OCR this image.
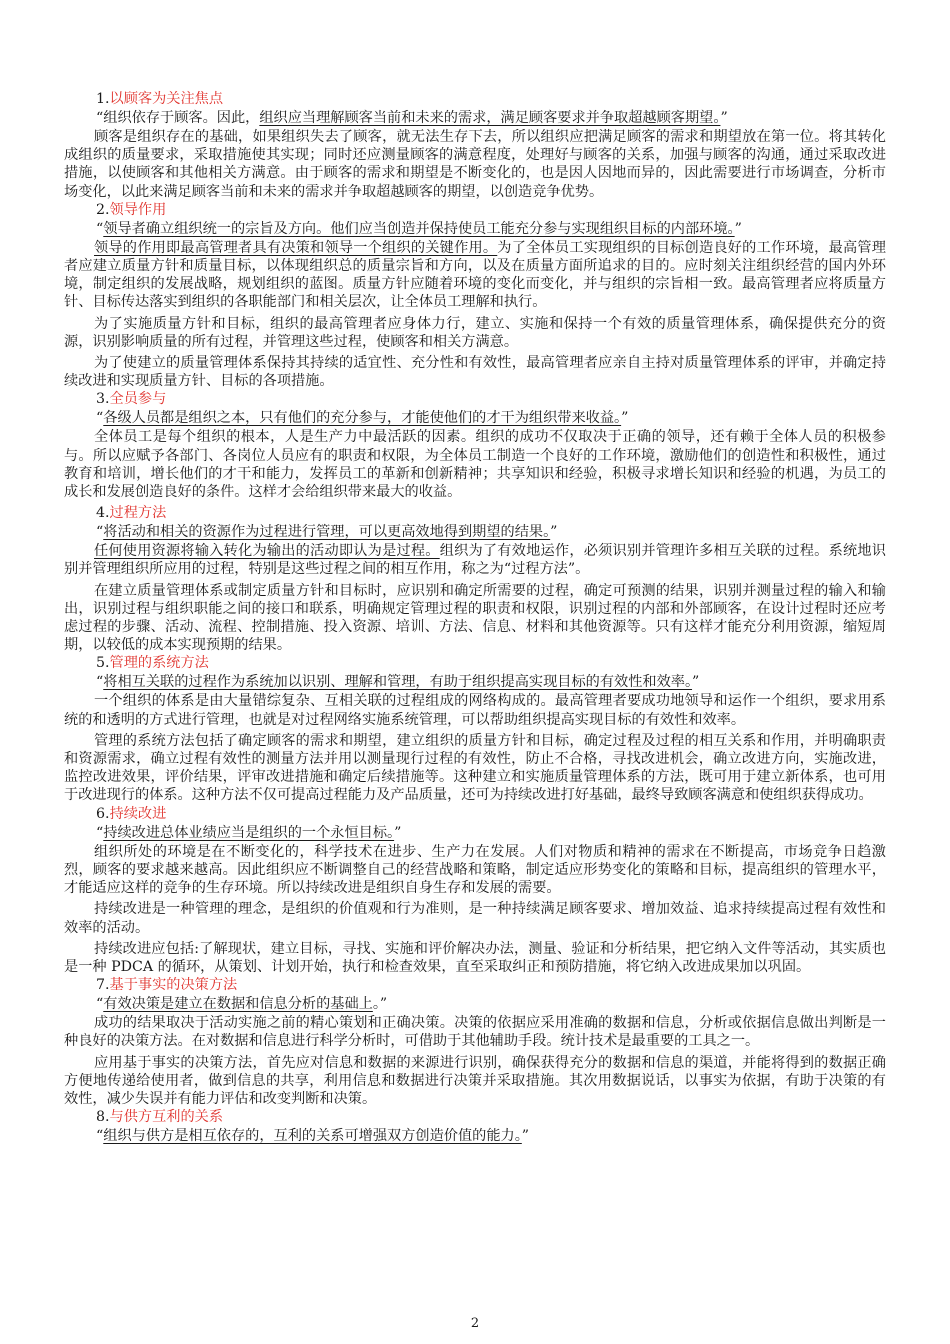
1.以顾客为关注焦点

“组织依存于顾客。因此，组织应当理解顾客当前和未来的需求，满足顾客要求并争取超越顾客期望。”

顾客是组织存在的基础，如果组织失去了顾客，就无法生存下去，所以组织应把满足顾客的需求和期望放在第一位。将其转化成组织的质量要求，采取措施使其实现；同时还应测量顾客的满意程度，处理好与顾客的关系，加强与顾客的沟通，通过采取改进措施，以使顾客和其他相关方满意。由于顾客的需求和期望是不断变化的，也是因人因地而异的，因此需要进行市场调查，分析市场变化，以此来满足顾客当前和未来的需求并争取超越顾客的期望，以创造竞争优势。

2.领导作用

“领导者确立组织统一的宗旨及方向。他们应当创造并保持使员工能充分参与实现组织目标的内部环境。”

领导的作用即最高管理者具有决策和领导一个组织的关键作用。为了全体员工实现组织的目标创造良好的工作环境，最高管理者应建立质量方针和质量目标，以体现组织总的质量宗旨和方向，以及在质量方面所追求的目的。应时刻关注组织经营的国内外环境，制定组织的发展战略，规划组织的蓝图。质量方针应随着环境的变化而变化，并与组织的宗旨相一致。最高管理者应将质量方针、目标传达落实到组织的各职能部门和相关层次，让全体员工理解和执行。

为了实施质量方针和目标，组织的最高管理者应身体力行，建立、实施和保持一个有效的质量管理体系，确保提供充分的资源，识别影响质量的所有过程，并管理这些过程，使顾客和相关方满意。

为了使建立的质量管理体系保持其持续的适宜性、充分性和有效性，最高管理者应亲自主持对质量管理体系的评审，并确定持续改进和实现质量方针、目标的各项措施。

3.全员参与

“各级人员都是组织之本，只有他们的充分参与，才能使他们的才干为组织带来收益。”

全体员工是每个组织的根本，人是生产力中最活跃的因素。组织的成功不仅取决于正确的领导，还有赖于全体人员的积极参与。所以应赋予各部门、各岗位人员应有的职责和权限，为全体员工制造一个良好的工作环境，激励他们的创造性和积极性，通过教育和培训，增长他们的才干和能力，发挥员工的革新和创新精神；共享知识和经验，积极寻求增长知识和经验的机遇，为员工的成长和发展创造良好的条件。这样才会给组织带来最大的收益。

4.过程方法

“将活动和相关的资源作为过程进行管理，可以更高效地得到期望的结果。”

任何使用资源将输入转化为输出的活动即认为是过程。组织为了有效地运作，必须识别并管理许多相互关联的过程。系统地识别并管理组织所应用的过程，特别是这些过程之间的相互作用，称之为“过程方法”。

在建立质量管理体系或制定质量方针和目标时，应识别和确定所需要的过程，确定可预测的结果，识别并测量过程的输入和输出，识别过程与组织职能之间的接口和联系，明确规定管理过程的职责和权限，识别过程的内部和外部顾客，在设计过程时还应考虑过程的步骤、活动、流程、控制措施、投入资源、培训、方法、信息、材料和其他资源等。只有这样才能充分利用资源，缩短周期，以较低的成本实现预期的结果。

5.管理的系统方法

“将相互关联的过程作为系统加以识别、理解和管理，有助于组织提高实现目标的有效性和效率。”

一个组织的体系是由大量错综复杂、互相关联的过程组成的网络构成的。最高管理者要成功地领导和运作一个组织，要求用系统的和透明的方式进行管理，也就是对过程网络实施系统管理，可以帮助组织提高实现目标的有效性和效率。

管理的系统方法包括了确定顾客的需求和期望，建立组织的质量方针和目标，确定过程及过程的相互关系和作用，并明确职责和资源需求，确立过程有效性的测量方法并用以测量现行过程的有效性，防止不合格，寻找改进机会，确立改进方向，实施改进，监控改进效果，评价结果，评审改进措施和确定后续措施等。这种建立和实施质量管理体系的方法，既可用于建立新体系，也可用于改进现行的体系。这种方法不仅可提高过程能力及产品质量，还可为持续改进打好基础，最终导致顾客满意和使组织获得成功。

6.持续改进

“持续改进总体业绩应当是组织的一个永恒目标。”

组织所处的环境是在不断变化的，科学技术在进步、生产力在发展。人们对物质和精神的需求在不断提高，市场竞争日趋激烈，顾客的要求越来越高。因此组织应不断调整自己的经营战略和策略，制定适应形势变化的策略和目标，提高组织的管理水平，才能适应这样的竞争的生存环境。所以持续改进是组织自身生存和发展的需要。

持续改进是一种管理的理念，是组织的价值观和行为准则，是一种持续满足顾客要求、增加效益、追求持续提高过程有效性和效率的活动。

持续改进应包括:了解现状，建立目标，寻找、实施和评价解决办法，测量、验证和分析结果，把它纳入文件等活动，其实质也是一种 PDCA 的循环，从策划、计划开始，执行和检查效果，直至采取纠正和预防措施，将它纳入改进成果加以巩固。

7.基于事实的决策方法

“有效决策是建立在数据和信息分析的基础上。”

成功的结果取决于活动实施之前的精心策划和正确决策。决策的依据应采用准确的数据和信息，分析或依据信息做出判断是一种良好的决策方法。在对数据和信息进行科学分析时，可借助于其他辅助手段。统计技术是最重要的工具之一。

应用基于事实的决策方法，首先应对信息和数据的来源进行识别，确保获得充分的数据和信息的渠道，并能将得到的数据正确方便地传递给使用者，做到信息的共享，利用信息和数据进行决策并采取措施。其次用数据说话，以事实为依据，有助于决策的有效性，减少失误并有能力评估和改变判断和决策。

8.与供方互利的关系

“组织与供方是相互依存的，互利的关系可增强双方创造价值的能力。”

2
